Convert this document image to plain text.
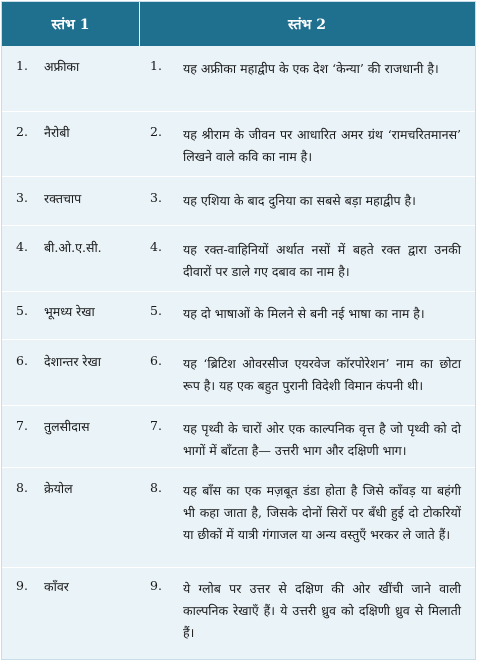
स्तंभ 1	स्तंभ 2
1. अफ्रीका	1. यह अफ्रीका महाद्वीप के एक देश ‘केन्या’ की राजधानी है।
2. नैरोबी	2. यह श्रीराम के जीवन पर आधारित अमर ग्रंथ ‘रामचरितमानस’ लिखने वाले कवि का नाम है।
3. रक्तचाप	3. यह एशिया के बाद दुनिया का सबसे बड़ा महाद्वीप है।
4. बी.ओ.ए.सी.	4. यह रक्त-वाहिनियों अर्थात नसों में बहते रक्त द्वारा उनकी दीवारों पर डाले गए दबाव का नाम है।
5. भूमध्य रेखा	5. यह दो भाषाओं के मिलने से बनी नई भाषा का नाम है।
6. देशान्तर रेखा	6. यह ‘ब्रिटिश ओवरसीज एयरवेज कॉरपोरेशन’ नाम का छोटा रूप है। यह एक बहुत पुरानी विदेशी विमान कंपनी थी।
7. तुलसीदास	7. यह पृथ्वी के चारों ओर एक काल्पनिक वृत्त है जो पृथ्वी को दो भागों में बाँटता है— उत्तरी भाग और दक्षिणी भाग।
8. क्रेयोल	8. यह बाँस का एक मज़बूत डंडा होता है जिसे काँवड़ या बहंगी भी कहा जाता है, जिसके दोनों सिरों पर बँधी हुई दो टोकरियों या छीकों में यात्री गंगाजल या अन्य वस्तुएँ भरकर ले जाते हैं।
9. काँवर	9. ये ग्लोब पर उत्तर से दक्षिण की ओर खींची जाने वाली काल्पनिक रेखाएँ हैं। ये उत्तरी ध्रुव को दक्षिणी ध्रुव से मिलाती हैं।
